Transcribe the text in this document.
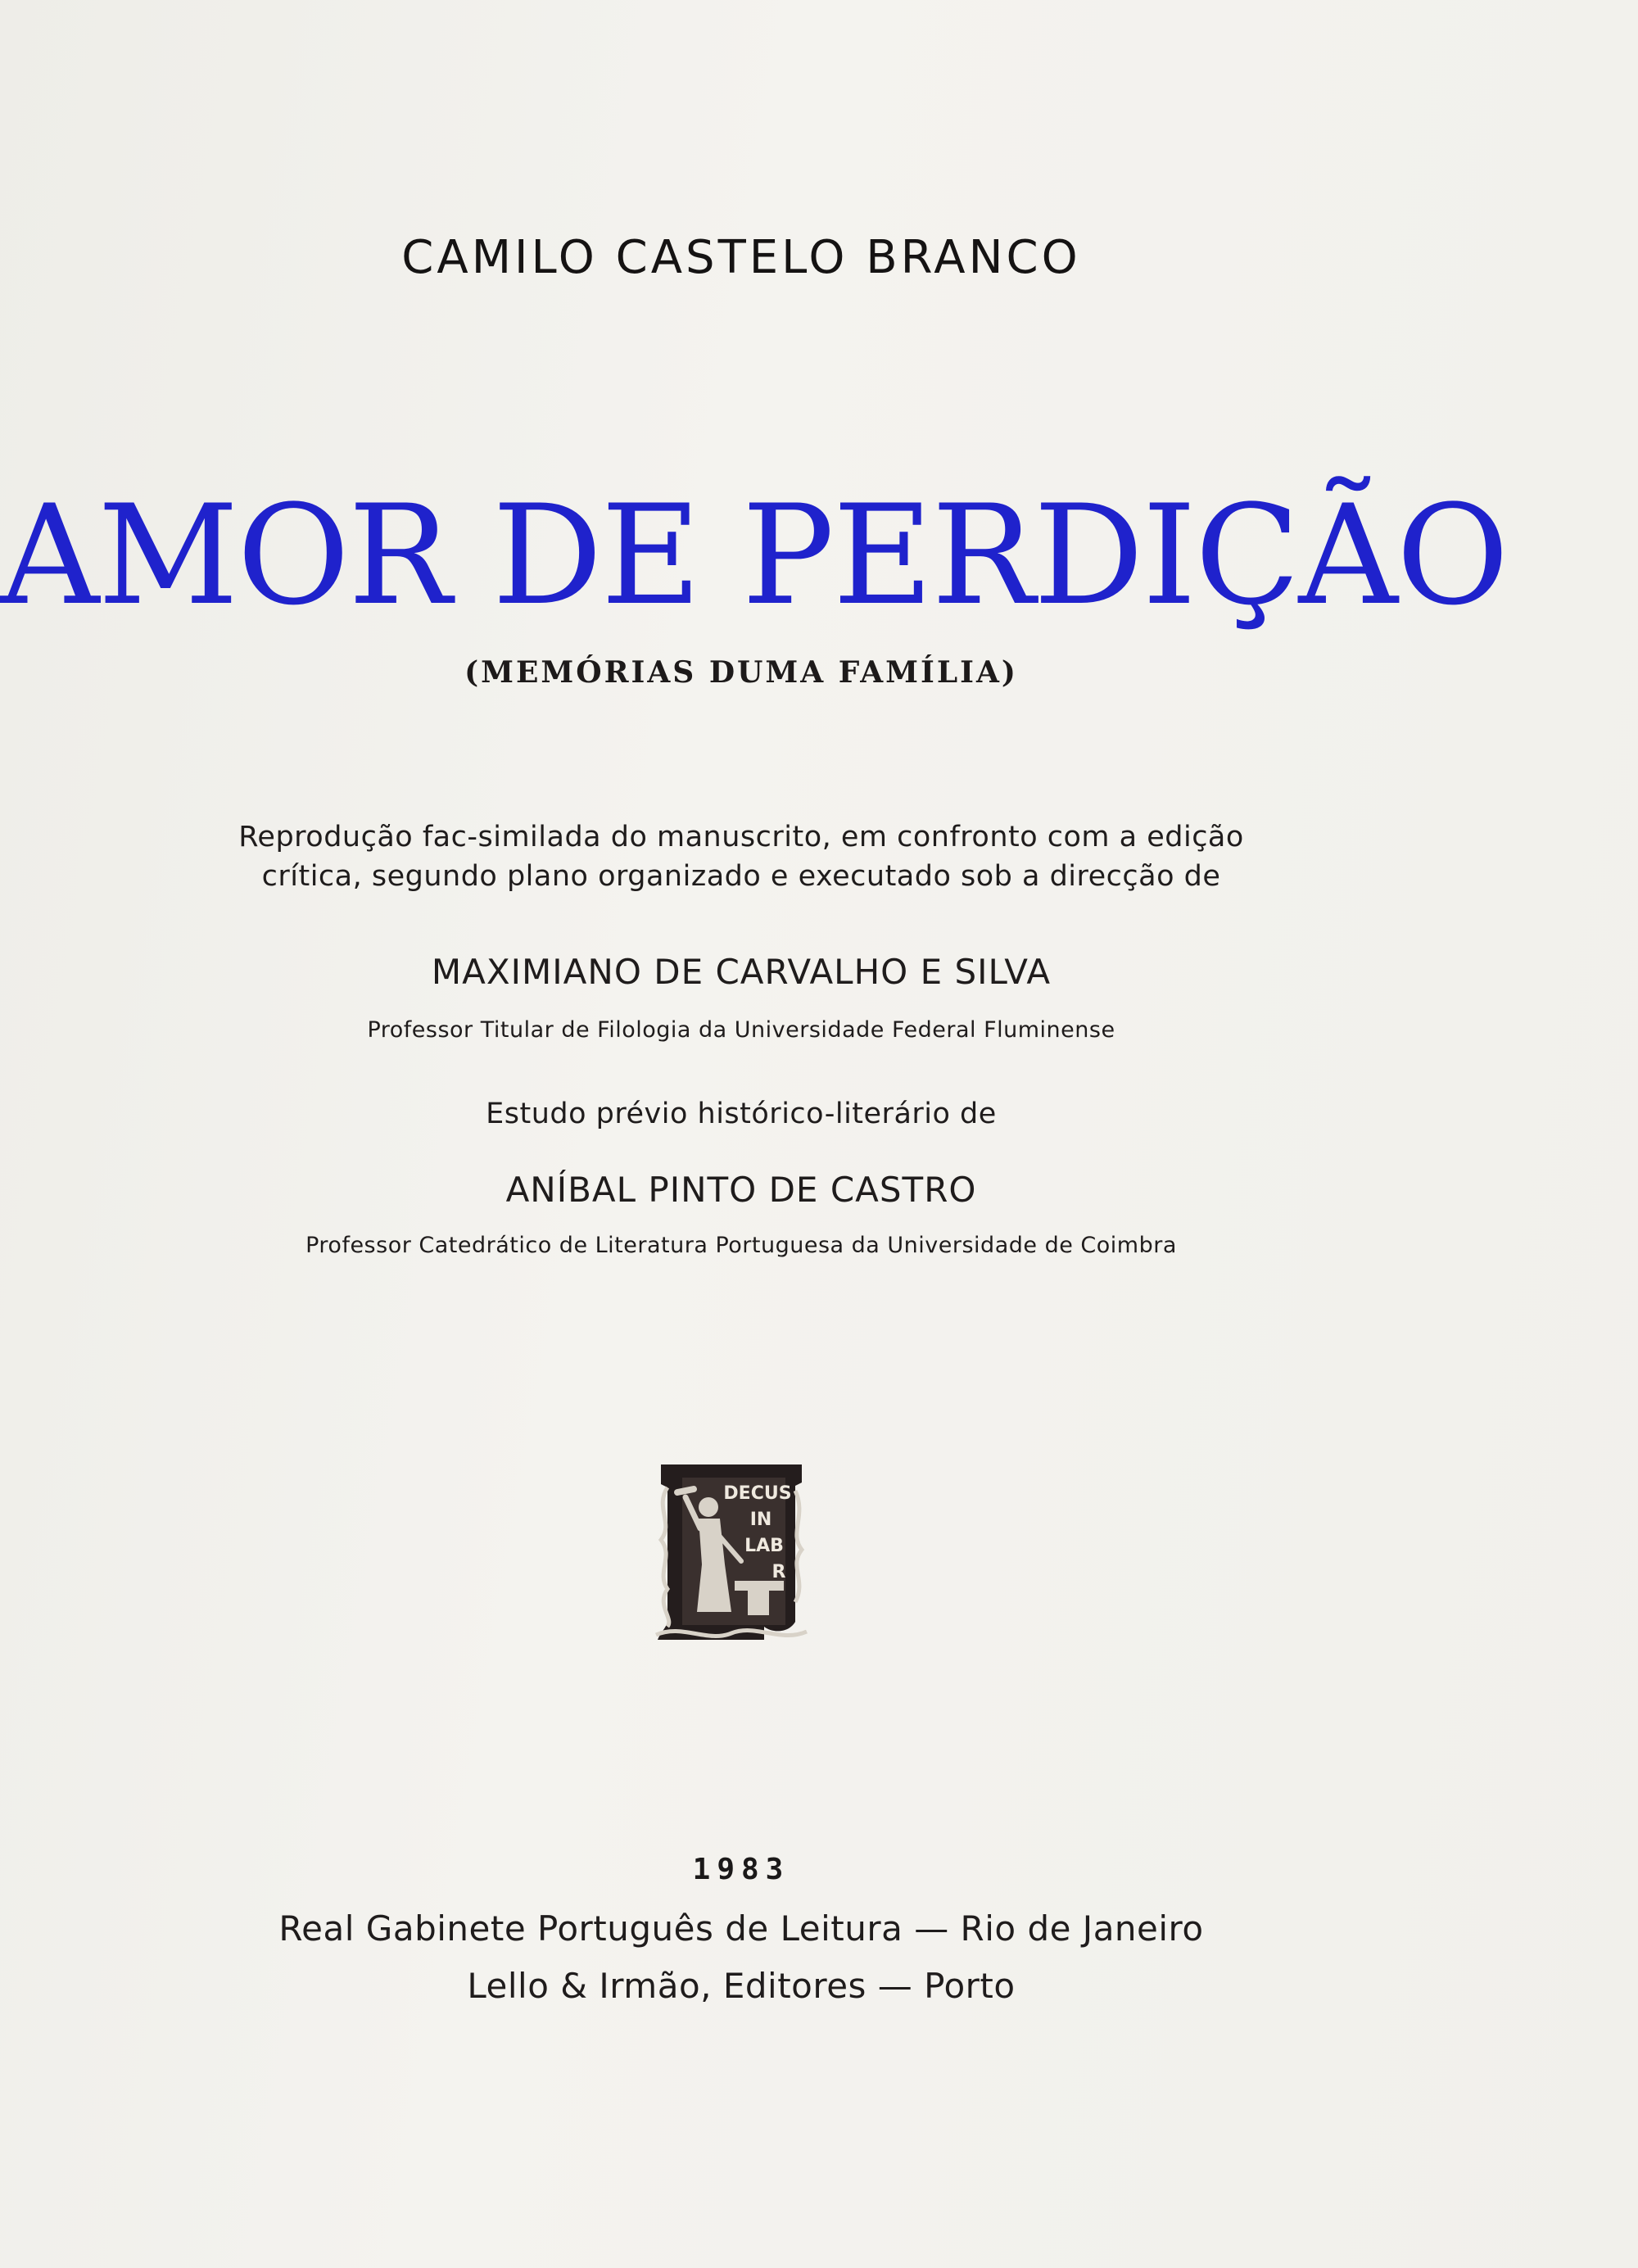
CAMILO CASTELO BRANCO
AMOR DE PERDIÇÃO
(MEMÓRIAS DUMA FAMÍLIA)
Reprodução fac-similada do manuscrito, em confronto com a edição
crítica, segundo plano organizado e executado sob a direcção de
MAXIMIANO DE CARVALHO E SILVA
Professor Titular de Filologia da Universidade Federal Fluminense
Estudo prévio histórico-literário de
ANÍBAL PINTO DE CASTRO
Professor Catedrático de Literatura Portuguesa da Universidade de Coimbra
DECUS
IN
LAB
R
1983
Real Gabinete Português de Leitura — Rio de Janeiro
Lello & Irmão, Editores — Porto
